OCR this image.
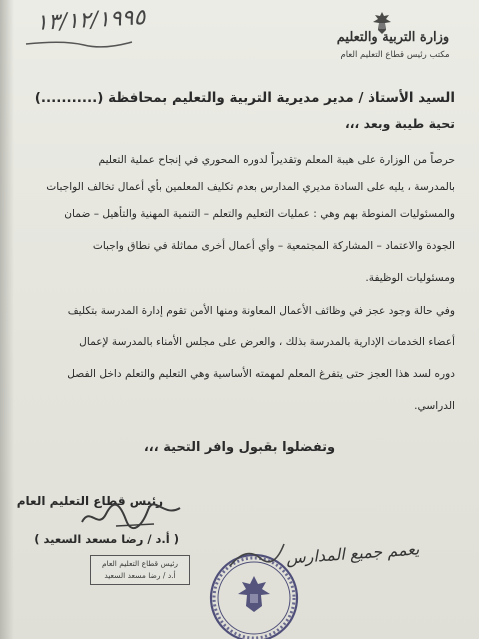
وزارة التربية والتعليم
مكتب رئيس قطاع التعليم العام
١٣/١٢/١٩٩٥
السيد الأستاذ / مدير مديرية التربية والتعليم بمحافظة (...........)
تحية طيبة وبعد ،،،
حرصاً من الوزارة على هيبة المعلم وتقديراً لدوره المحوري في إنجاح عملية التعليم
بالمدرسة ، يليه على السادة مديري المدارس بعدم تكليف المعلمين بأي أعمال تخالف الواجبات
والمسئوليات المنوطة بهم وهي : عمليات التعليم والتعلم – التنمية المهنية والتأهيل – ضمان
الجودة والاعتماد – المشاركة المجتمعية – وأي أعمال أخرى مماثلة في نطاق واجبات
ومسئوليات الوظيفة.
وفي حالة وجود عجز في وظائف الأعمال المعاونة ومنها الأمن تقوم إدارة المدرسة بتكليف
أعضاء الخدمات الإدارية بالمدرسة بذلك ، والعرض على مجلس الأمناء بالمدرسة لإعمال
دوره لسد هذا العجز حتى يتفرغ المعلم لمهمته الأساسية وهي التعليم والتعلم داخل الفصل
الدراسي.
وتفضلوا بقبول وافر التحية ،،،
رئيس قطاع التعليم العام
( أ.د / رضا مسعد السعيد )
رئيس قطاع التعليم العام
أ.د / رضا مسعد السعيد
يعمم جميع المدارس
